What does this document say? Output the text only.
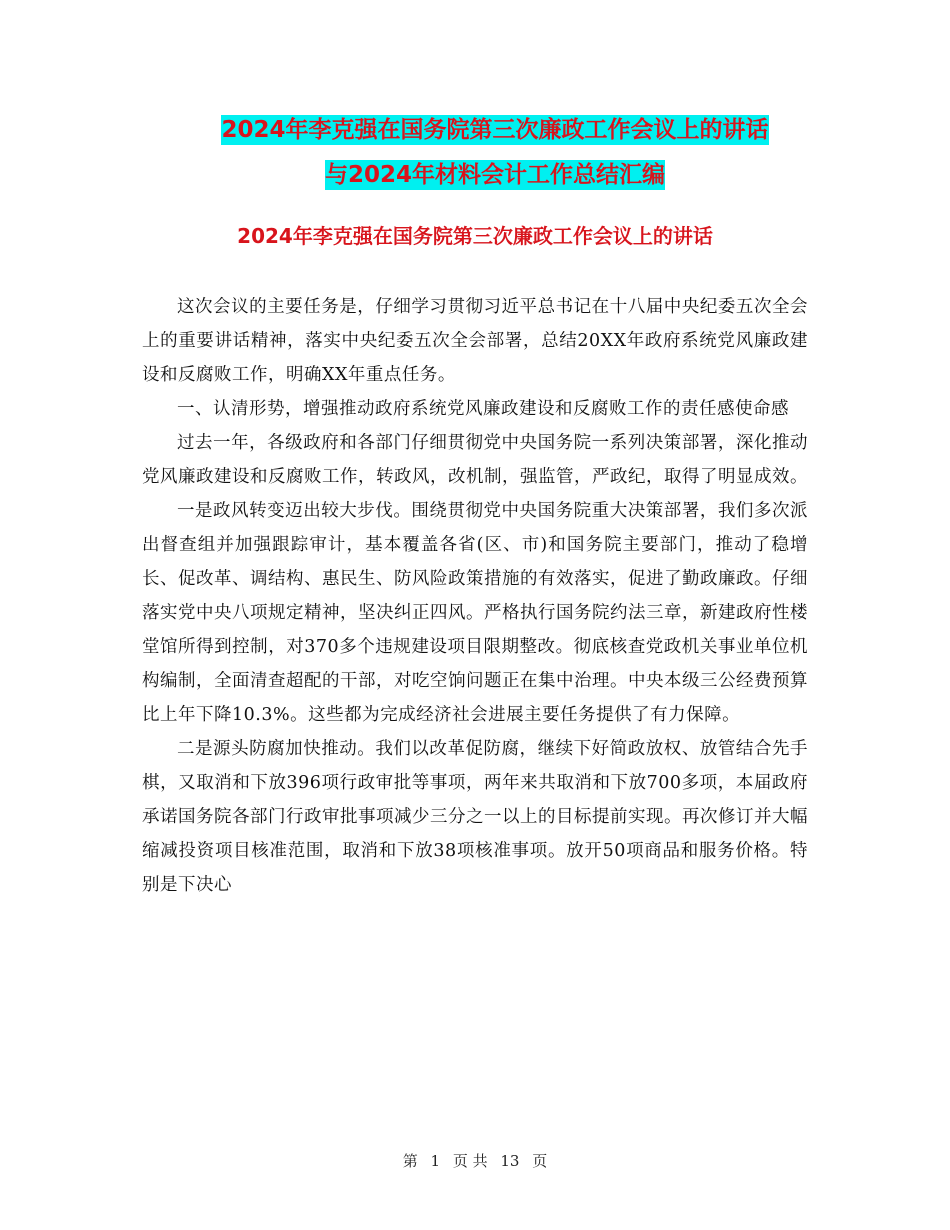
2024年李克强在国务院第三次廉政工作会议上的讲话
与2024年材料会计工作总结汇编
2024年李克强在国务院第三次廉政工作会议上的讲话

这次会议的主要任务是，仔细学习贯彻习近平总书记在十八届中央纪委五次全会上的重要讲话精神，落实中央纪委五次全会部署，总结20XX年政府系统党风廉政建设和反腐败工作，明确XX年重点任务。

一、认清形势，增强推动政府系统党风廉政建设和反腐败工作的责任感使命感

过去一年，各级政府和各部门仔细贯彻党中央国务院一系列决策部署，深化推动党风廉政建设和反腐败工作，转政风，改机制，强监管，严政纪，取得了明显成效。

一是政风转变迈出较大步伐。围绕贯彻党中央国务院重大决策部署，我们多次派出督查组并加强跟踪审计，基本覆盖各省(区、市)和国务院主要部门，推动了稳增长、促改革、调结构、惠民生、防风险政策措施的有效落实，促进了勤政廉政。仔细落实党中央八项规定精神，坚决纠正四风。严格执行国务院约法三章，新建政府性楼堂馆所得到控制，对370多个违规建设项目限期整改。彻底核查党政机关事业单位机构编制，全面清查超配的干部，对吃空饷问题正在集中治理。中央本级三公经费预算比上年下降10.3%。这些都为完成经济社会进展主要任务提供了有力保障。

二是源头防腐加快推动。我们以改革促防腐，继续下好简政放权、放管结合先手棋，又取消和下放396项行政审批等事项，两年来共取消和下放700多项，本届政府承诺国务院各部门行政审批事项减少三分之一以上的目标提前实现。再次修订并大幅缩减投资项目核准范围，取消和下放38项核准事项。放开50项商品和服务价格。特别是下决心

第 1 页 共 13 页
